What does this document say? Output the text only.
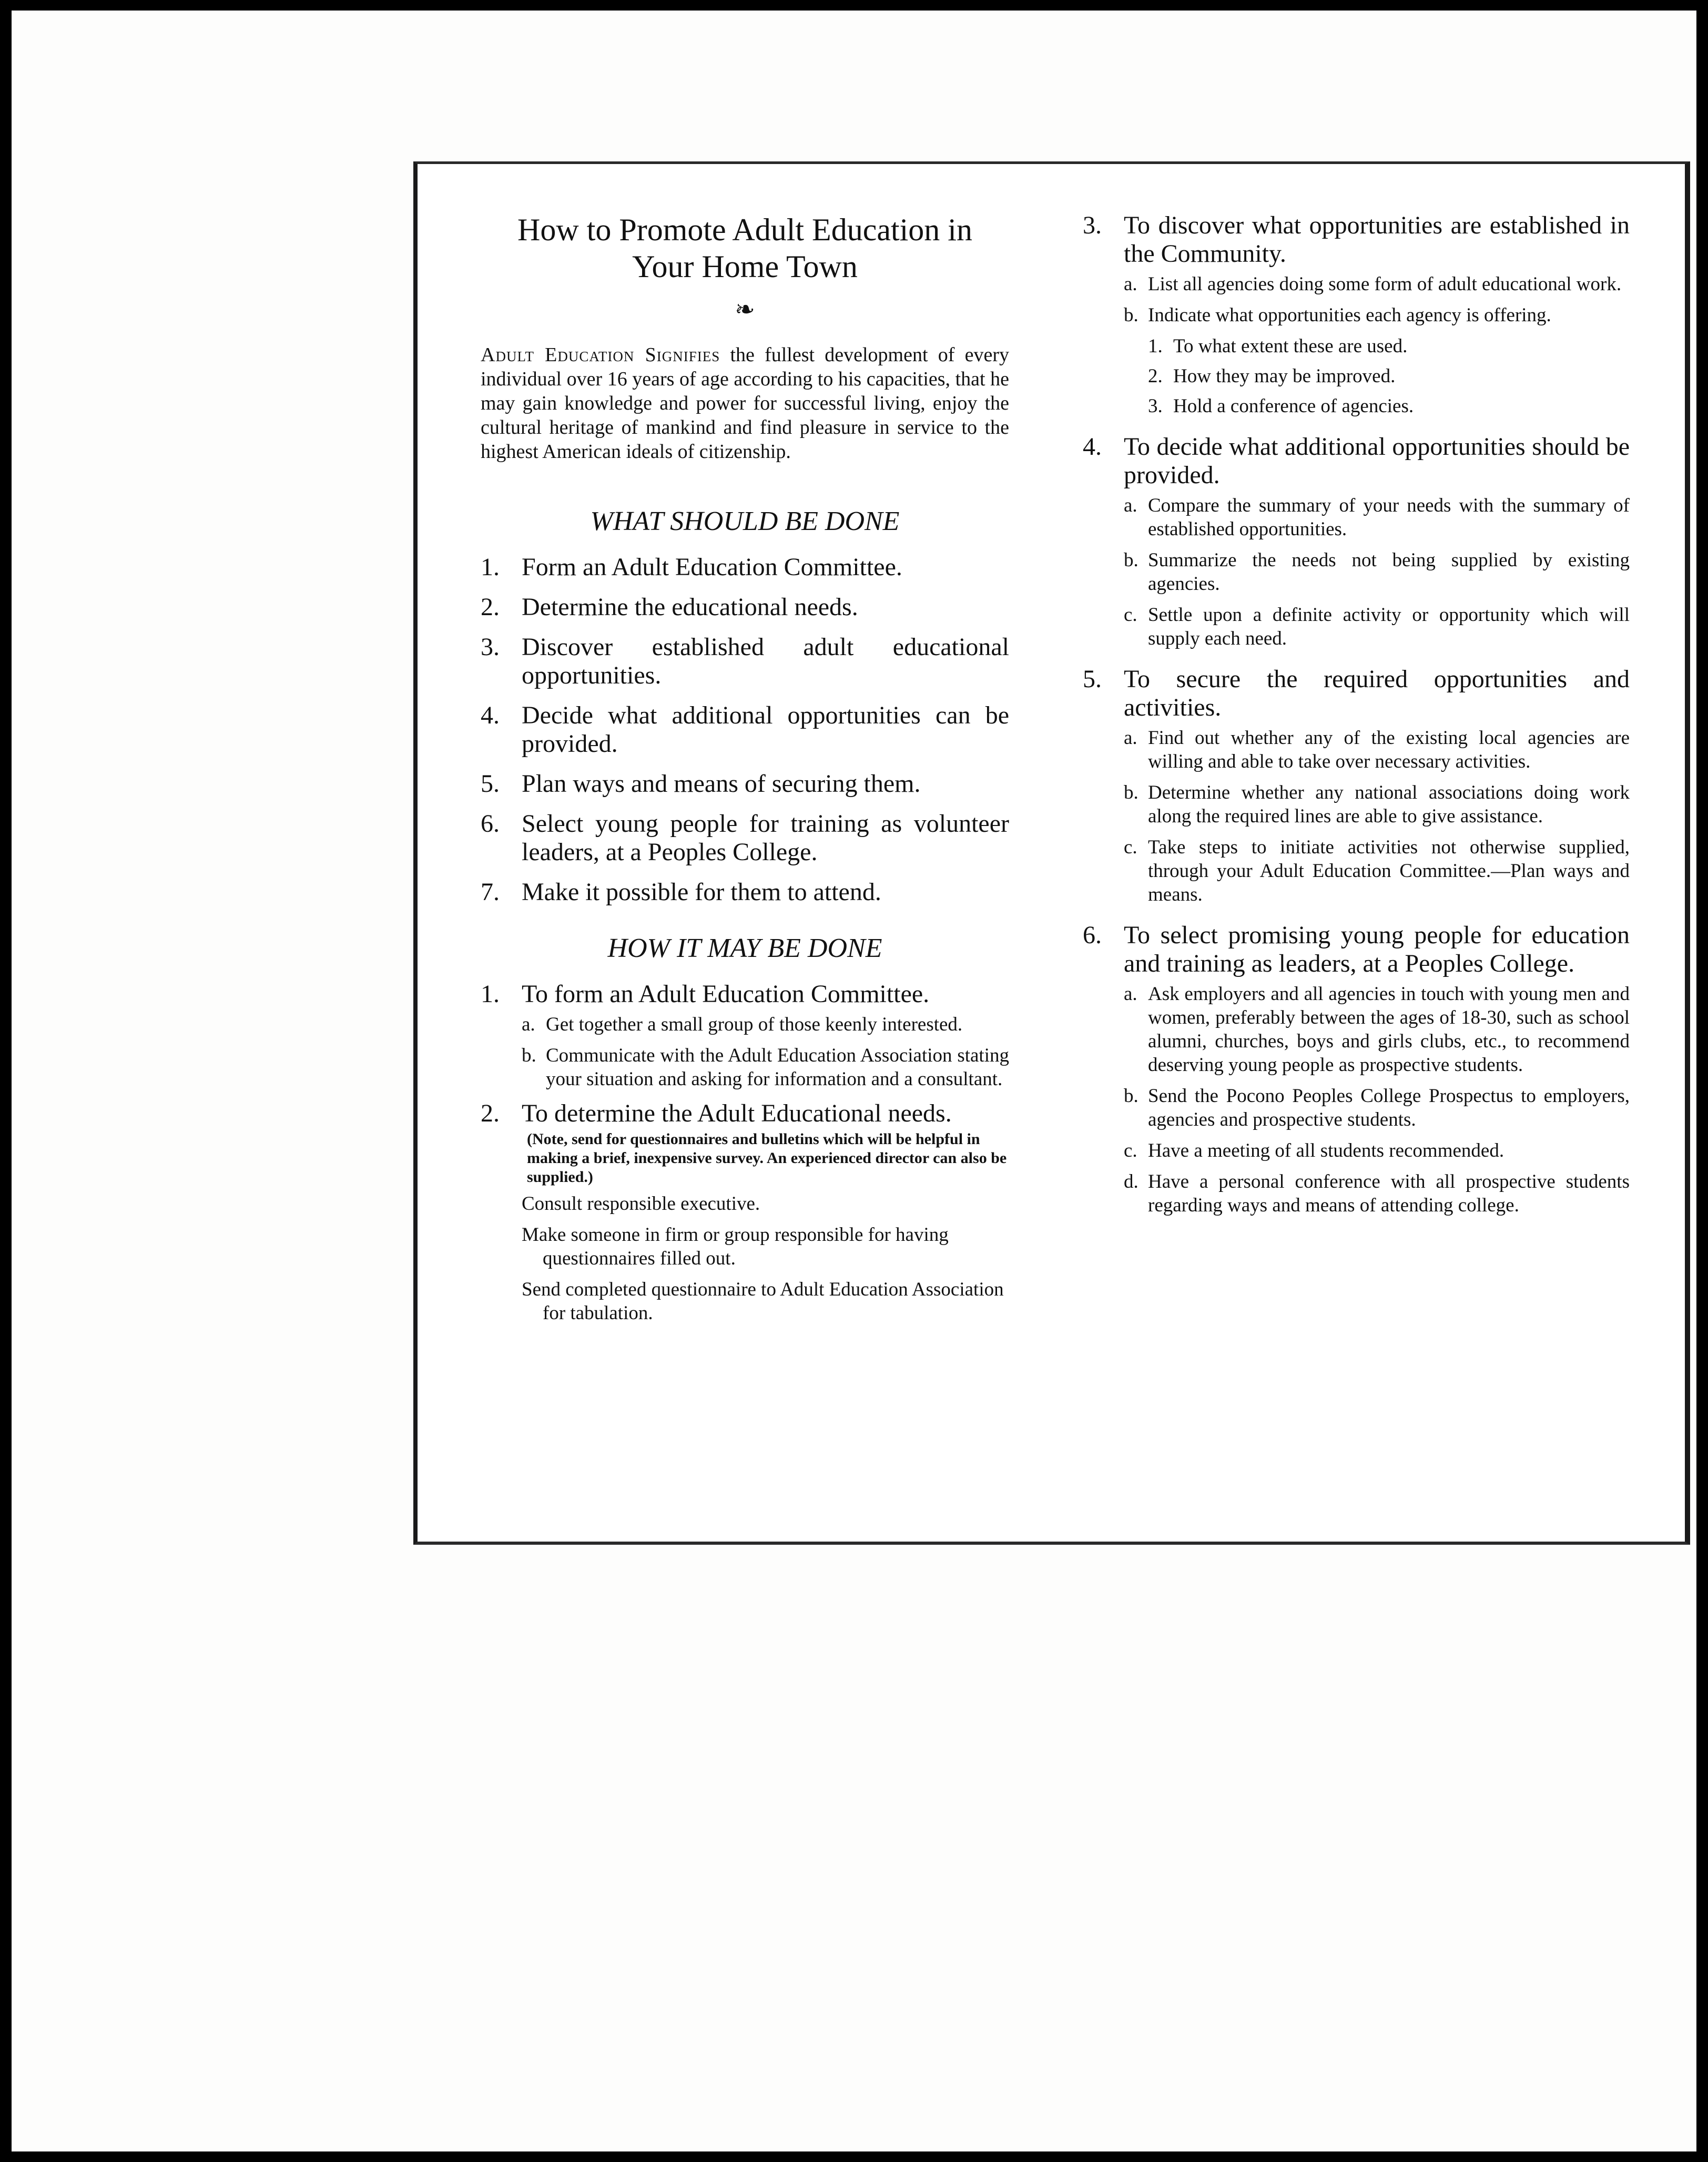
How to Promote Adult Education in
Your Home Town
❧

Adult Education Signifies the fullest development of every individual over 16 years of age according to his capacities, that he may gain knowledge and power for successful living, enjoy the cultural heritage of mankind and find pleasure in service to the highest American ideals of citizenship.

WHAT SHOULD BE DONE
1. Form an Adult Education Committee.
2. Determine the educational needs.
3. Discover established adult educational opportunities.
4. Decide what additional opportunities can be provided.
5. Plan ways and means of securing them.
6. Select young people for training as volunteer leaders, at a Peoples College.
7. Make it possible for them to attend.
HOW IT MAY BE DONE
1. To form an Adult Education Committee.
a. Get together a small group of those keenly interested.
b. Communicate with the Adult Education Association stating your situation and asking for information and a consultant.
2. To determine the Adult Educational needs.
(Note, send for questionnaires and bulletins which will be helpful in making a brief, inexpensive survey. An experienced director can also be supplied.)
Consult responsible executive.
Make someone in firm or group responsible for having questionnaires filled out.
Send completed questionnaire to Adult Education Association for tabulation.
3. To discover what opportunities are established in the Community.
a. List all agencies doing some form of adult educational work.
b. Indicate what opportunities each agency is offering.
1. To what extent these are used.
2. How they may be improved.
3. Hold a conference of agencies.
4. To decide what additional opportunities should be provided.
a. Compare the summary of your needs with the summary of established opportunities.
b. Summarize the needs not being supplied by existing agencies.
c. Settle upon a definite activity or opportunity which will supply each need.
5. To secure the required opportunities and activities.
a. Find out whether any of the existing local agencies are willing and able to take over necessary activities.
b. Determine whether any national associations doing work along the required lines are able to give assistance.
c. Take steps to initiate activities not otherwise supplied, through your Adult Education Committee.—Plan ways and means.
6. To select promising young people for education and training as leaders, at a Peoples College.
a. Ask employers and all agencies in touch with young men and women, preferably between the ages of 18-30, such as school alumni, churches, boys and girls clubs, etc., to recommend deserving young people as prospective students.
b. Send the Pocono Peoples College Prospectus to employers, agencies and prospective students.
c. Have a meeting of all students recommended.
d. Have a personal conference with all prospective students regarding ways and means of attending college.
